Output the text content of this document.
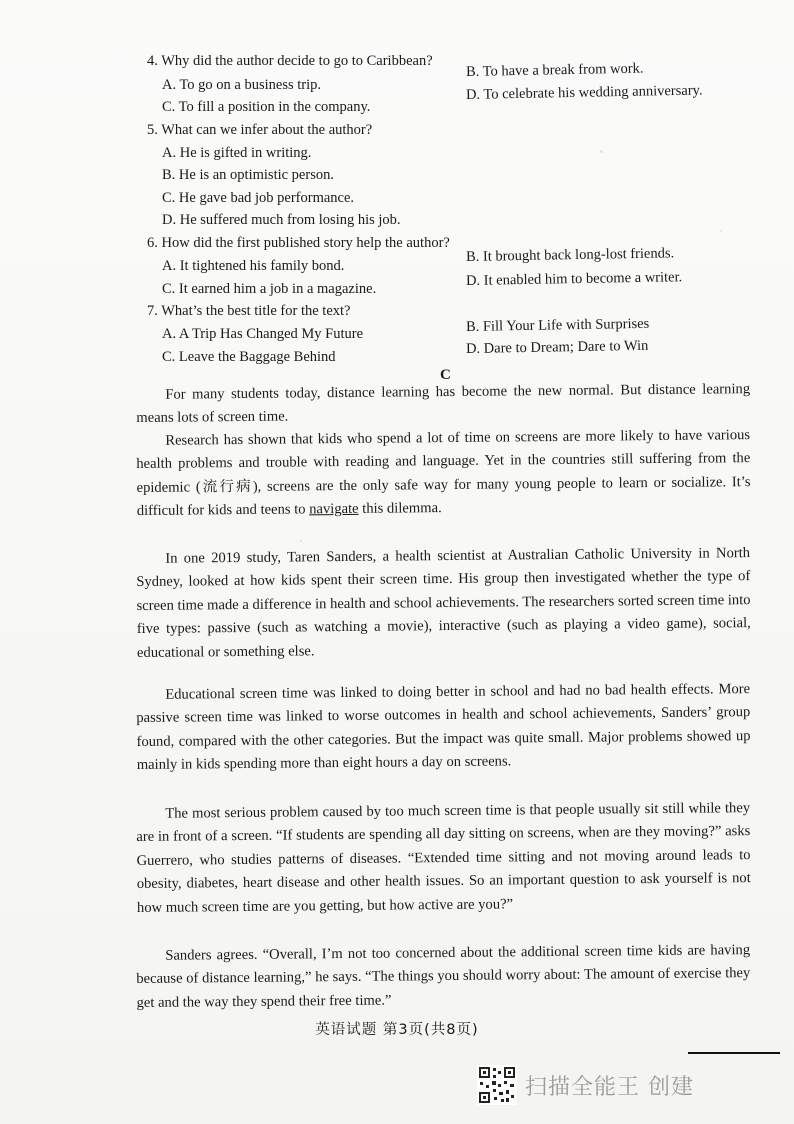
4. Why did the author decide to go to Caribbean?
A. To go on a business trip.
B. To have a break from work.
C. To fill a position in the company.
D. To celebrate his wedding anniversary.
5. What can we infer about the author?
A. He is gifted in writing.
B. He is an optimistic person.
C. He gave bad job performance.
D. He suffered much from losing his job.
6. How did the first published story help the author?
A. It tightened his family bond.
B. It brought back long-lost friends.
C. It earned him a job in a magazine.
D. It enabled him to become a writer.
7. What’s the best title for the text?
A. A Trip Has Changed My Future	B. Fill Your Life with Surprises
C. Leave the Baggage Behind
D. Dare to Dream; Dare to Win
C
For many students today, distance learning has become the new normal. But distance learning means lots of screen time.
Research has shown that kids who spend a lot of time on screens are more likely to have various health problems and trouble with reading and language. Yet in the countries still suffering from the epidemic (流行病), screens are the only safe way for many young people to learn or socialize. It’s difficult for kids and teens to navigate this dilemma.
In one 2019 study, Taren Sanders, a health scientist at Australian Catholic University in North Sydney, looked at how kids spent their screen time. His group then investigated whether the type of screen time made a difference in health and school achievements. The researchers sorted screen time into five types: passive (such as watching a movie), interactive (such as playing a video game), social, educational or something else.
Educational screen time was linked to doing better in school and had no bad health effects. More passive screen time was linked to worse outcomes in health and school achievements, Sanders’ group found, compared with the other categories. But the impact was quite small. Major problems showed up mainly in kids spending more than eight hours a day on screens.
The most serious problem caused by too much screen time is that people usually sit still while they are in front of a screen. “If students are spending all day sitting on screens, when are they moving?” asks Guerrero, who studies patterns of diseases. “Extended time sitting and not moving around leads to obesity, diabetes, heart disease and other health issues. So an important question to ask yourself is not how much screen time are you getting, but how active are you?”
Sanders agrees. “Overall, I’m not too concerned about the additional screen time kids are having because of distance learning,” he says. “The things you should worry about: The amount of exercise they get and the way they spend their free time.”
英语试题 第3页(共8页)
扫描全能王 创建
